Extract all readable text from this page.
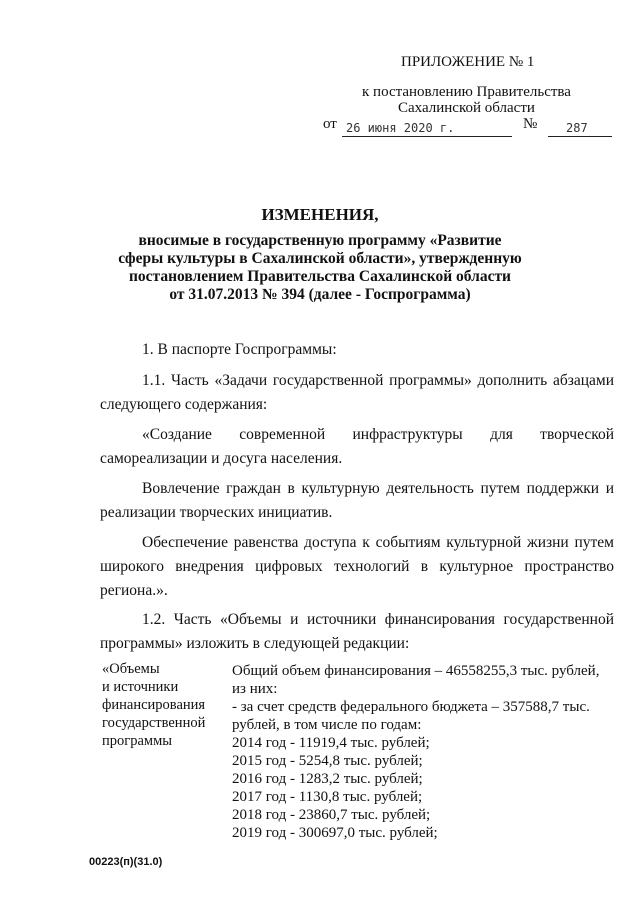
ПРИЛОЖЕНИЕ № 1
к постановлению Правительства
Сахалинской области
от 26 июня 2020 г.	№ 287
ИЗМЕНЕНИЯ,
вносимые в государственную программу «Развитие
сферы культуры в Сахалинской области», утвержденную
постановлением Правительства Сахалинской области
от 31.07.2013 № 394 (далее - Госпрограмма)
1. В паспорте Госпрограммы:
1.1. Часть «Задачи государственной программы» дополнить абзацами
следующего содержания:
«Создание современной инфраструктуры для творческой
самореализации и досуга населения.
Вовлечение граждан в культурную деятельность путем поддержки и
реализации творческих инициатив.
Обеспечение равенства доступа к событиям культурной жизни путем
широкого внедрения цифровых технологий в культурное пространство
региона.».
1.2. Часть «Объемы и источники финансирования государственной
программы» изложить в следующей редакции:
«Объемы
и источники
финансирования
государственной
программы
Общий объем финансирования – 46558255,3 тыс. рублей,
из них:
- за счет средств федерального бюджета – 357588,7 тыс.
рублей, в том числе по годам:
2014 год - 11919,4 тыс. рублей;
2015 год - 5254,8 тыс. рублей;
2016 год - 1283,2 тыс. рублей;
2017 год - 1130,8 тыс. рублей;
2018 год - 23860,7 тыс. рублей;
2019 год - 300697,0 тыс. рублей;
00223(п)(31.0)
